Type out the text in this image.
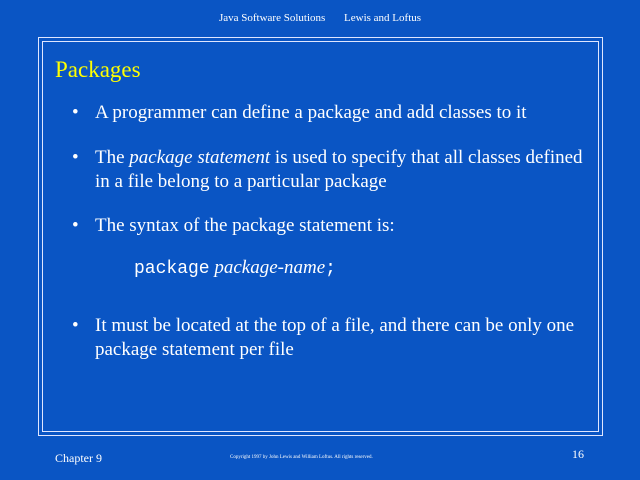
Java Software Solutions Lewis and Loftus
Packages
• A programmer can define a package and add classes to it
• The package statement is used to specify that all classes defined in a file belong to a particular package
• The syntax of the package statement is:
package package-name;
• It must be located at the top of a file, and there can be only one package statement per file
Chapter 9	Copyright 1997 by John Lewis and William Loftus. All rights reserved.	16
